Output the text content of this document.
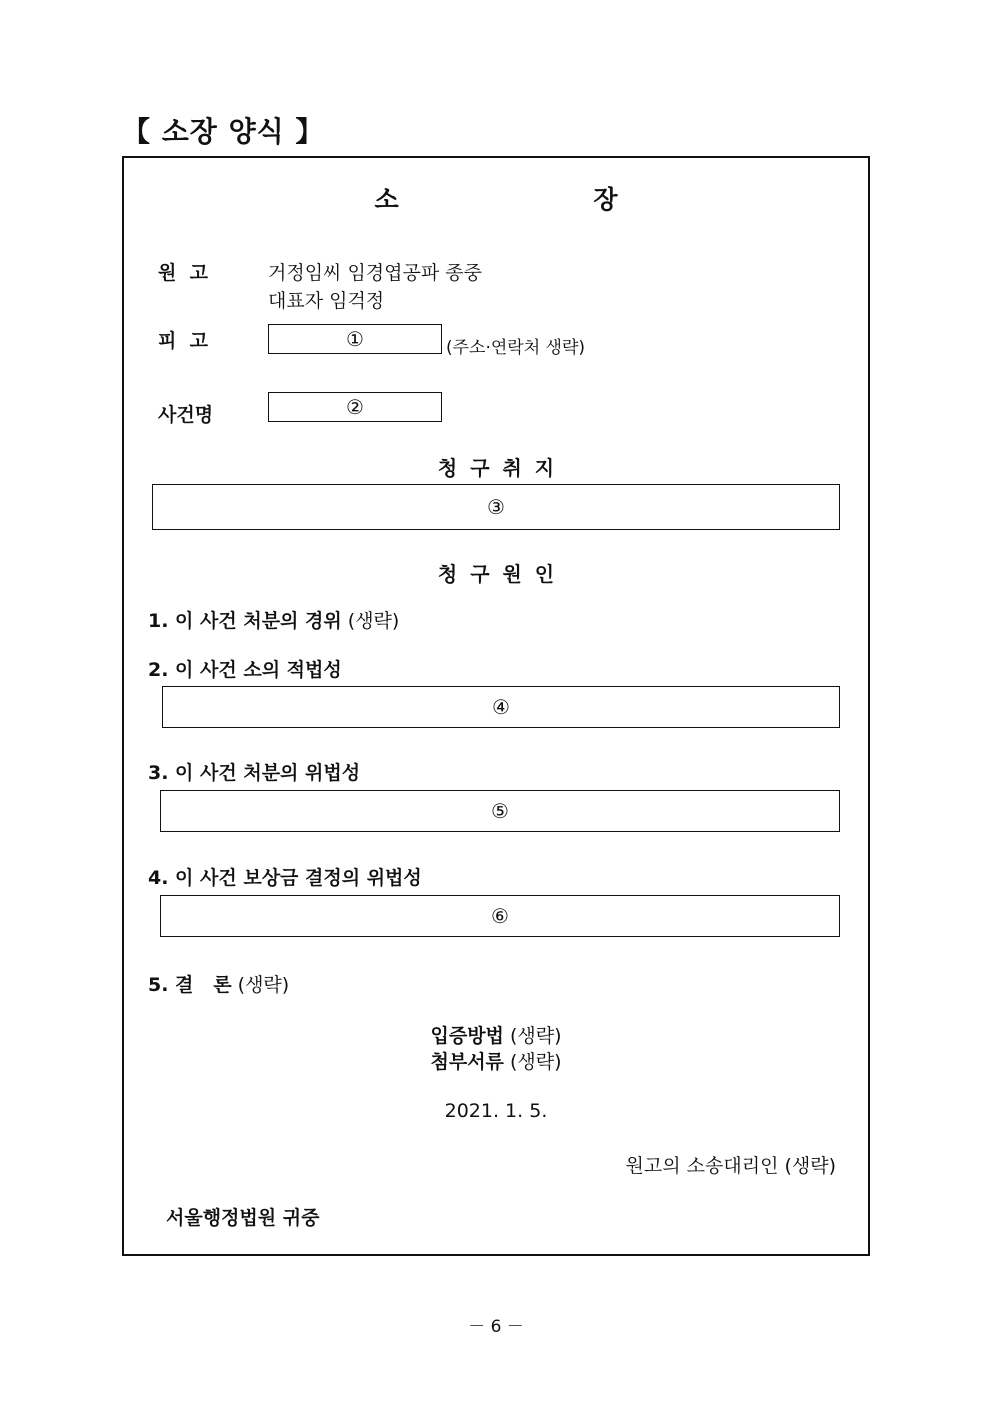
【 소장 양식 】
소    장
원  고	거정임씨 임경엽공파 종중
대표자 임걱정
피  고	①	(주소·연락처 생략)
사건명	②
청 구 취 지
③
청 구 원 인
1. 이 사건 처분의 경위 (생략)
2. 이 사건 소의 적법성
④
3. 이 사건 처분의 위법성
⑤
4. 이 사건 보상금 결정의 위법성
⑥
5. 결   론 (생략)
입증방법 (생략)
첨부서류 (생략)
2021. 1. 5.
원고의 소송대리인 (생략)
서울행정법원 귀중
－ 6 －
